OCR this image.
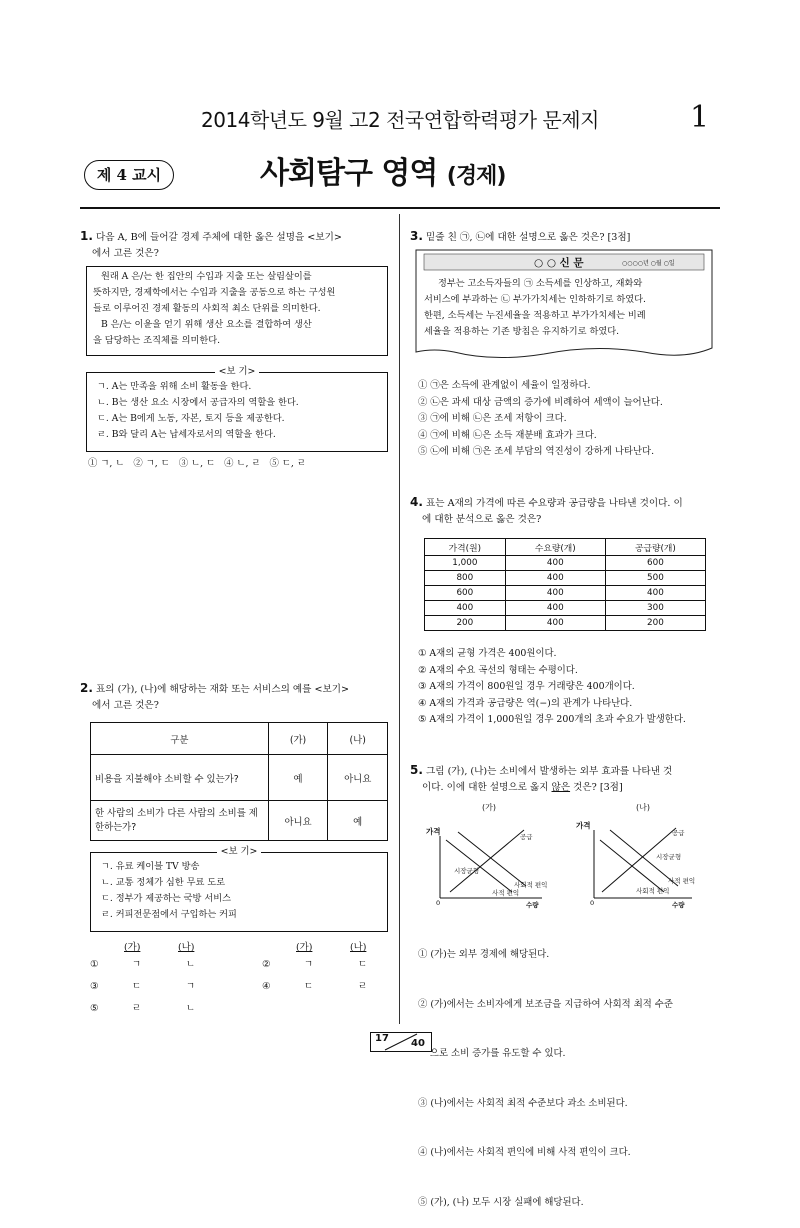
2014학년도 9월 고2 전국연합학력평가 문제지	1
제 4 교시	사회탐구 영역 (경제)
1. 다음 A, B에 들어갈 경제 주체에 대한 옳은 설명을 <보기>
에서 고른 것은?
원래 A 은/는 한 집안의 수입과 지출 또는 살림살이를
뜻하지만, 경제학에서는 수입과 지출을 공동으로 하는 구성원
들로 이루어진 경제 활동의 사회적 최소 단위를 의미한다.
B 은/는 이윤을 얻기 위해 생산 요소를 결합하여 생산
을 담당하는 조직체를 의미한다.
<보 기>
ㄱ. A는 만족을 위해 소비 활동을 한다.
ㄴ. B는 생산 요소 시장에서 공급자의 역할을 한다.
ㄷ. A는 B에게 노동, 자본, 토지 등을 제공한다.
ㄹ. B와 달리 A는 납세자로서의 역할을 한다.
① ㄱ, ㄴ   ② ㄱ, ㄷ   ③ ㄴ, ㄷ   ④ ㄴ, ㄹ   ⑤ ㄷ, ㄹ
2. 표의 (가), (나)에 해당하는 재화 또는 서비스의 예를 <보기>
에서 고른 것은?
구분	(가)	(나)
비용을 지불해야 소비할 수 있는가?	예	아니요
한 사람의 소비가 다른 사람의 소비를 제한하는가?	아니요	예
<보 기>
ㄱ. 유료 케이블 TV 방송
ㄴ. 교통 정체가 심한 무료 도로
ㄷ. 정부가 제공하는 국방 서비스
ㄹ. 커피전문점에서 구입하는 커피
(가)	(나)	(가)	(나)
①	ㄱ	ㄴ	②	ㄱ	ㄷ
③	ㄷ	ㄱ	④	ㄷ	ㄹ
⑤	ㄹ	ㄴ
3. 밑줄 친 ㉠, ㉡에 대한 설명으로 옳은 것은? [3점]
○ ○ 신 문	○○○○년 ○월 ○일
정부는 고소득자들의 ㉠ 소득세를 인상하고, 재화와
서비스에 부과하는 ㉡ 부가가치세는 인하하기로 하였다.
한편, 소득세는 누진세율을 적용하고 부가가치세는 비례
세율을 적용하는 기존 방침은 유지하기로 하였다.
① ㉠은 소득에 관계없이 세율이 일정하다.
② ㉡은 과세 대상 금액의 증가에 비례하여 세액이 늘어난다.
③ ㉠에 비해 ㉡은 조세 저항이 크다.
④ ㉠에 비해 ㉡은 소득 재분배 효과가 크다.
⑤ ㉡에 비해 ㉠은 조세 부담의 역진성이 강하게 나타난다.
4. 표는 A재의 가격에 따른 수요량과 공급량을 나타낸 것이다. 이
에 대한 분석으로 옳은 것은?
가격(원)	수요량(개)	공급량(개)
1,000	400	600
800	400	500
600	400	400
400	400	300
200	400	200
① A재의 균형 가격은 400원이다.
② A재의 수요 곡선의 형태는 수평이다.
③ A재의 가격이 800원일 경우 거래량은 400개이다.
④ A재의 가격과 공급량은 역(−)의 관계가 나타난다.
⑤ A재의 가격이 1,000원일 경우 200개의 초과 수요가 발생한다.
5. 그림 (가), (나)는 소비에서 발생하는 외부 효과를 나타낸 것
이다. 이에 대한 설명으로 옳지 않은 것은? [3점]
(가)
가격
공급
시장균형
사회적 편익
사적 편익
0	수량
(나)
가격
공급
시장균형
사적 편익
사회적 편익
0	수량

① (가)는 외부 경제에 해당된다.

② (가)에서는 소비자에게 보조금을 지급하여 사회적 최적 수준

으로 소비 증가를 유도할 수 있다.

③ (나)에서는 사회적 최적 수준보다 과소 소비된다.

④ (나)에서는 사회적 편익에 비해 사적 편익이 크다.

⑤ (가), (나) 모두 시장 실패에 해당된다.

17 40
